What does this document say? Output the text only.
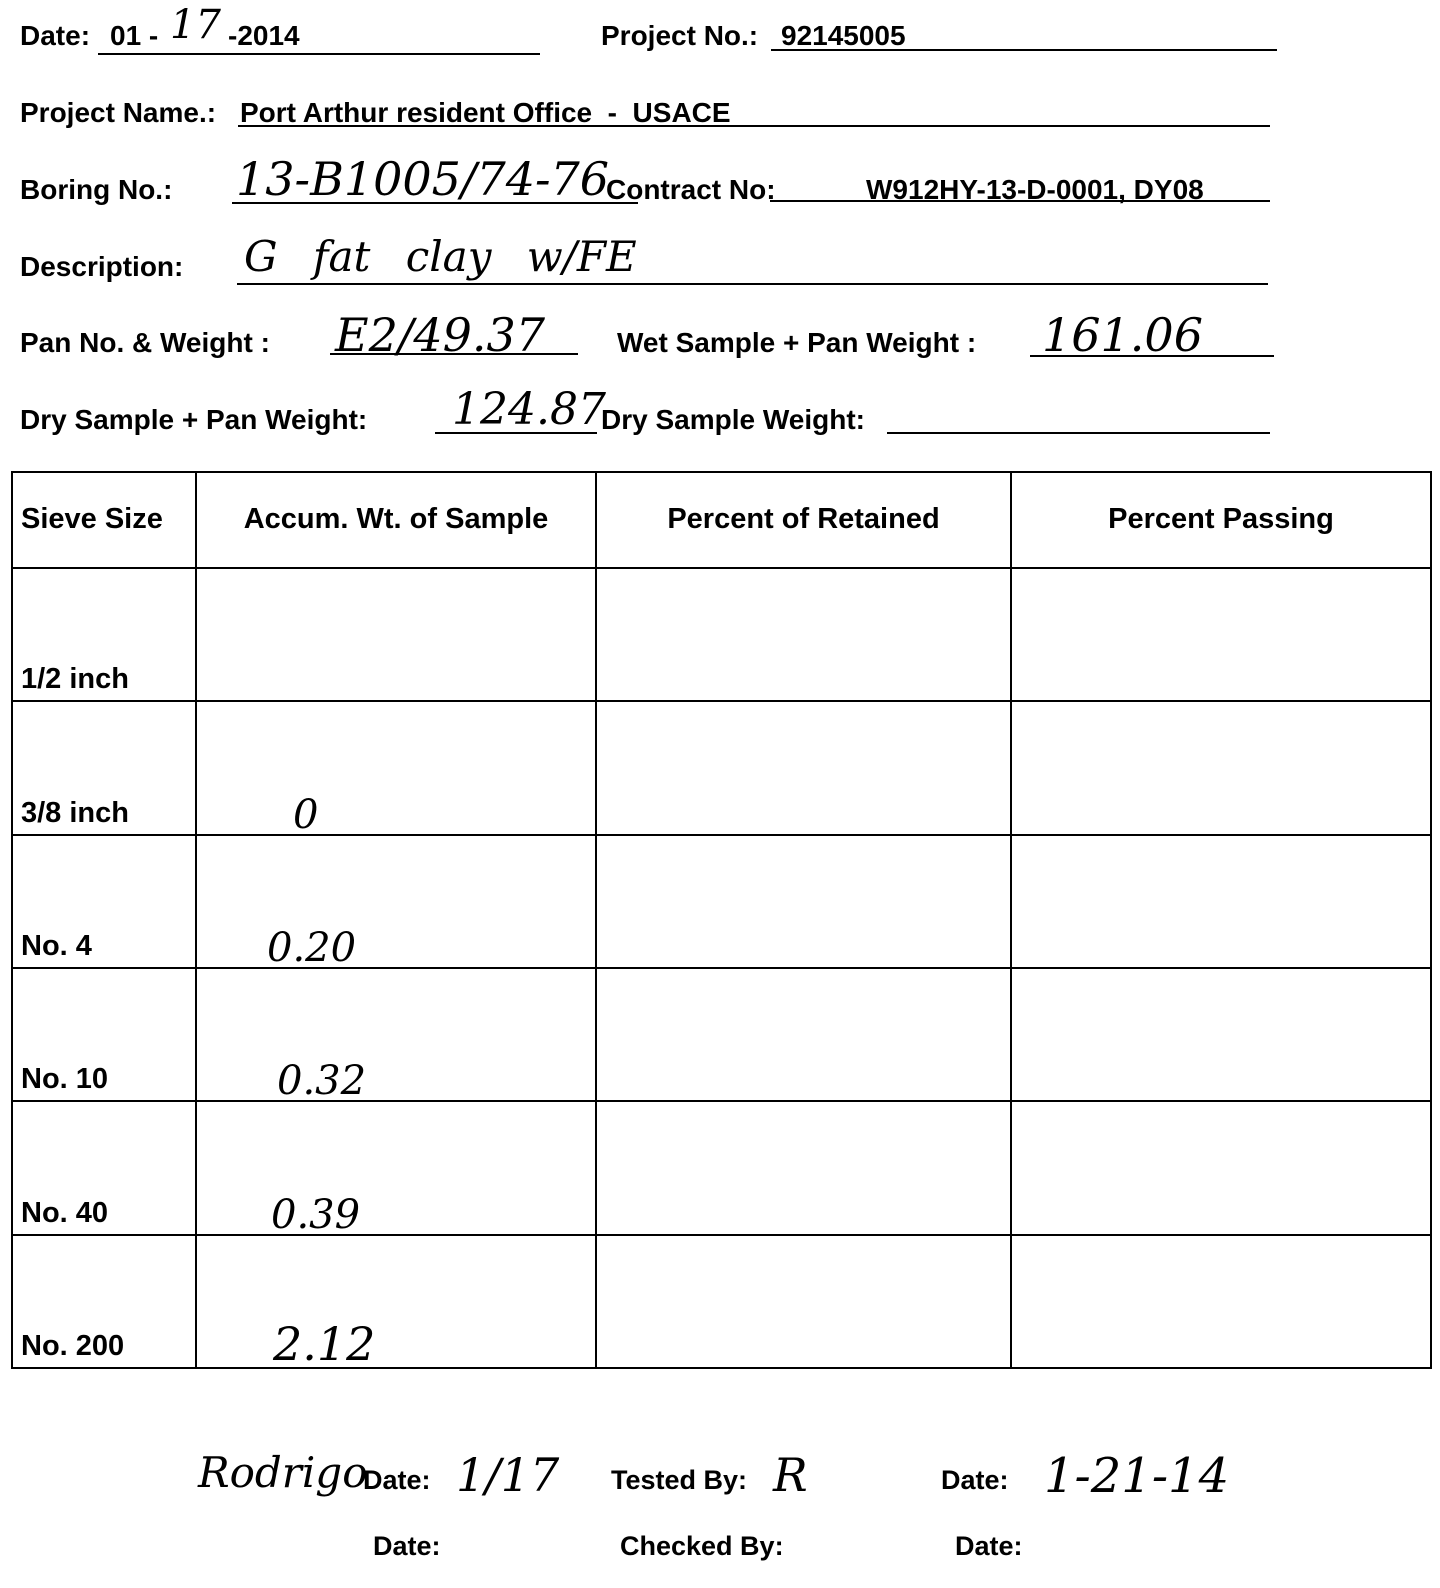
Date: 01 - 17 -2014	Project No.: 92145005
Project Name.: Port Arthur resident Office  -  USACE
Boring No.: 13-B1005/74-76
Contract No:	W912HY-13-D-0001, DY08
Description: G fat clay w/FE
Pan No. & Weight : E2/49.37	Wet Sample + Pan Weight : 161.06
Dry Sample + Pan Weight: 124.87
Dry Sample Weight:
Sieve Size	Accum. Wt. of Sample	Percent of Retained	Percent Passing

1/2 inch			

3/8 inch	0		

No. 4	0.20		

No. 10	0.32		

No. 40	0.39		

No. 200	2.12		

Rodrigo
Date: 1/17 Tested By: R	Date: 1-21-14
Date:	Checked By:	Date:
